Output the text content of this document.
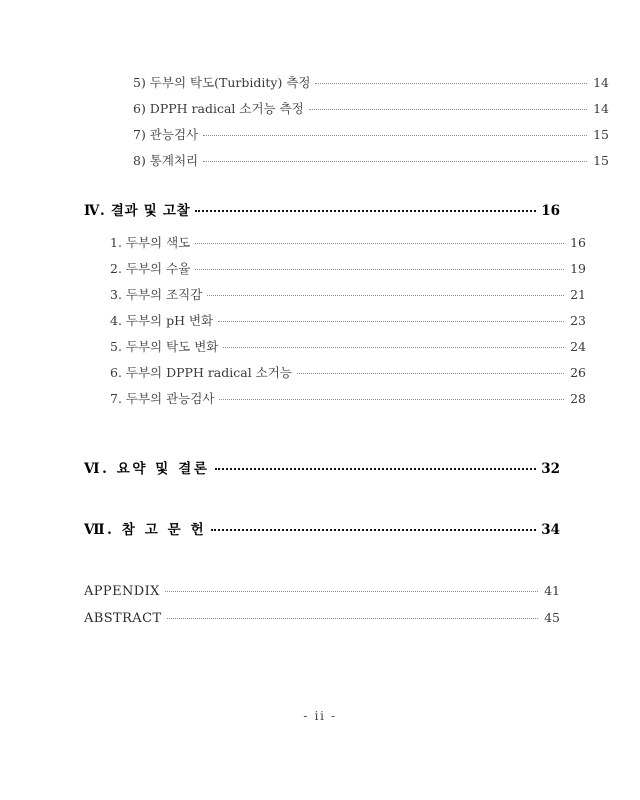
5) 두부의 탁도(Turbidity) 측정	14
6) DPPH radical 소거능 측정	14
7) 관능검사	15
8) 통계처리	15
Ⅳ. 결과 및 고찰	16
1. 두부의 색도	16
2. 두부의 수율	19
3. 두부의 조직감	21
4. 두부의 pH 변화	23
5. 두부의 탁도 변화	24
6. 두부의 DPPH radical 소거능	26
7. 두부의 관능검사	28
Ⅵ. 요약 및 결론	32
Ⅶ. 참 고 문 헌	34
APPENDIX	41
ABSTRACT	45
- ii -
